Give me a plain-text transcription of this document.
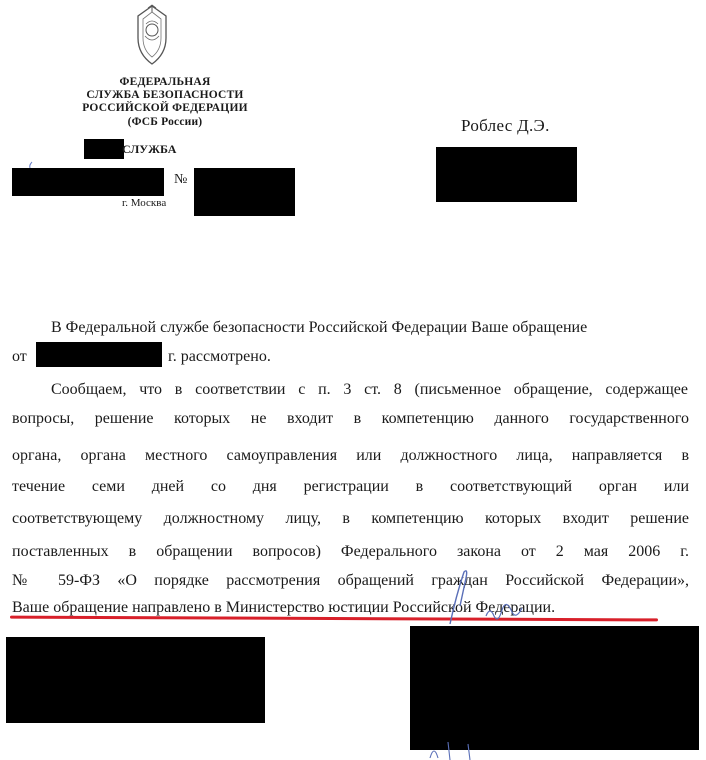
ФЕДЕРАЛЬНАЯ
СЛУЖБА БЕЗОПАСНОСТИ
РОССИЙСКОЙ ФЕДЕРАЦИИ
(ФСБ России)
СЛУЖБА
№
г. Москва
Роблес Д.Э.
В Федеральной службе безопасности Российской Федерации Ваше обращение
от	г. рассмотрено.
Сообщаем, что в соответствии с п. 3 ст. 8 (письменное обращение, содержащее
вопросы, решение которых не входит в компетенцию данного государственного
органа, органа местного самоуправления или должностного лица, направляется в
течение семи дней со дня регистрации в соответствующий орган или
соответствующему должностному лицу, в компетенцию которых входит решение
поставленных в обращении вопросов) Федерального закона от 2 мая 2006 г.
№ 59-ФЗ «О порядке рассмотрения обращений граждан Российской Федерации»,
Ваше обращение направлено в Министерство юстиции Российской Федерации.
